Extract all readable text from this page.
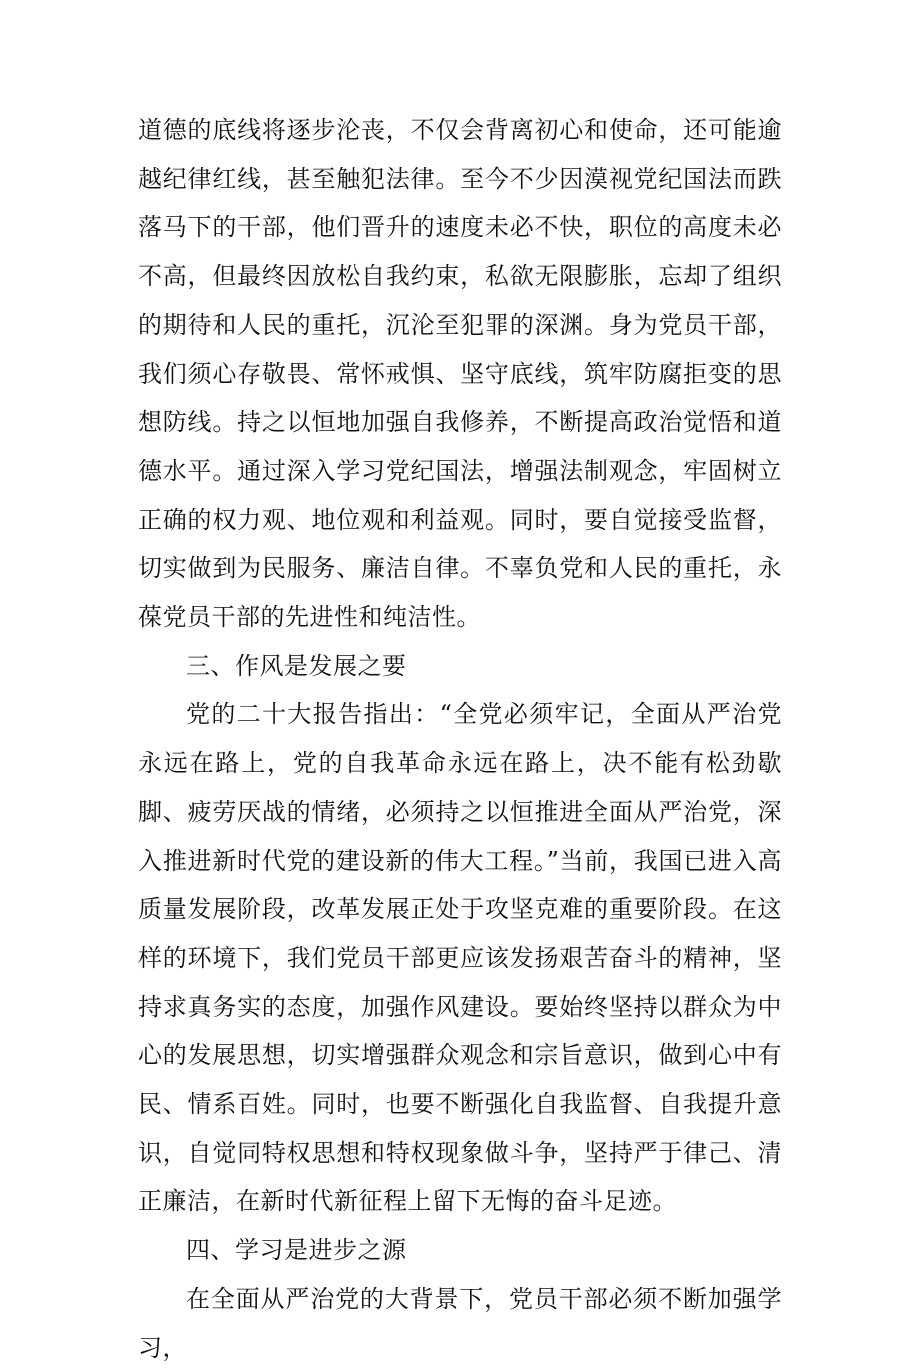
道德的底线将逐步沦丧，不仅会背离初心和使命，还可能逾越纪律红线，甚至触犯法律。至今不少因漠视党纪国法而跌落马下的干部，他们晋升的速度未必不快，职位的高度未必不高，但最终因放松自我约束，私欲无限膨胀，忘却了组织的期待和人民的重托，沉沦至犯罪的深渊。身为党员干部，我们须心存敬畏、常怀戒惧、坚守底线，筑牢防腐拒变的思想防线。持之以恒地加强自我修养，不断提高政治觉悟和道德水平。通过深入学习党纪国法，增强法制观念，牢固树立正确的权力观、地位观和利益观。同时，要自觉接受监督，切实做到为民服务、廉洁自律。不辜负党和人民的重托，永葆党员干部的先进性和纯洁性。

三、作风是发展之要

党的二十大报告指出：“全党必须牢记，全面从严治党永远在路上，党的自我革命永远在路上，决不能有松劲歇脚、疲劳厌战的情绪，必须持之以恒推进全面从严治党，深入推进新时代党的建设新的伟大工程。”当前，我国已进入高质量发展阶段，改革发展正处于攻坚克难的重要阶段。在这样的环境下，我们党员干部更应该发扬艰苦奋斗的精神，坚持求真务实的态度，加强作风建设。要始终坚持以群众为中心的发展思想，切实增强群众观念和宗旨意识，做到心中有民、情系百姓。同时，也要不断强化自我监督、自我提升意识，自觉同特权思想和特权现象做斗争，坚持严于律己、清正廉洁，在新时代新征程上留下无悔的奋斗足迹。

四、学习是进步之源

在全面从严治党的大背景下，党员干部必须不断加强学习，
